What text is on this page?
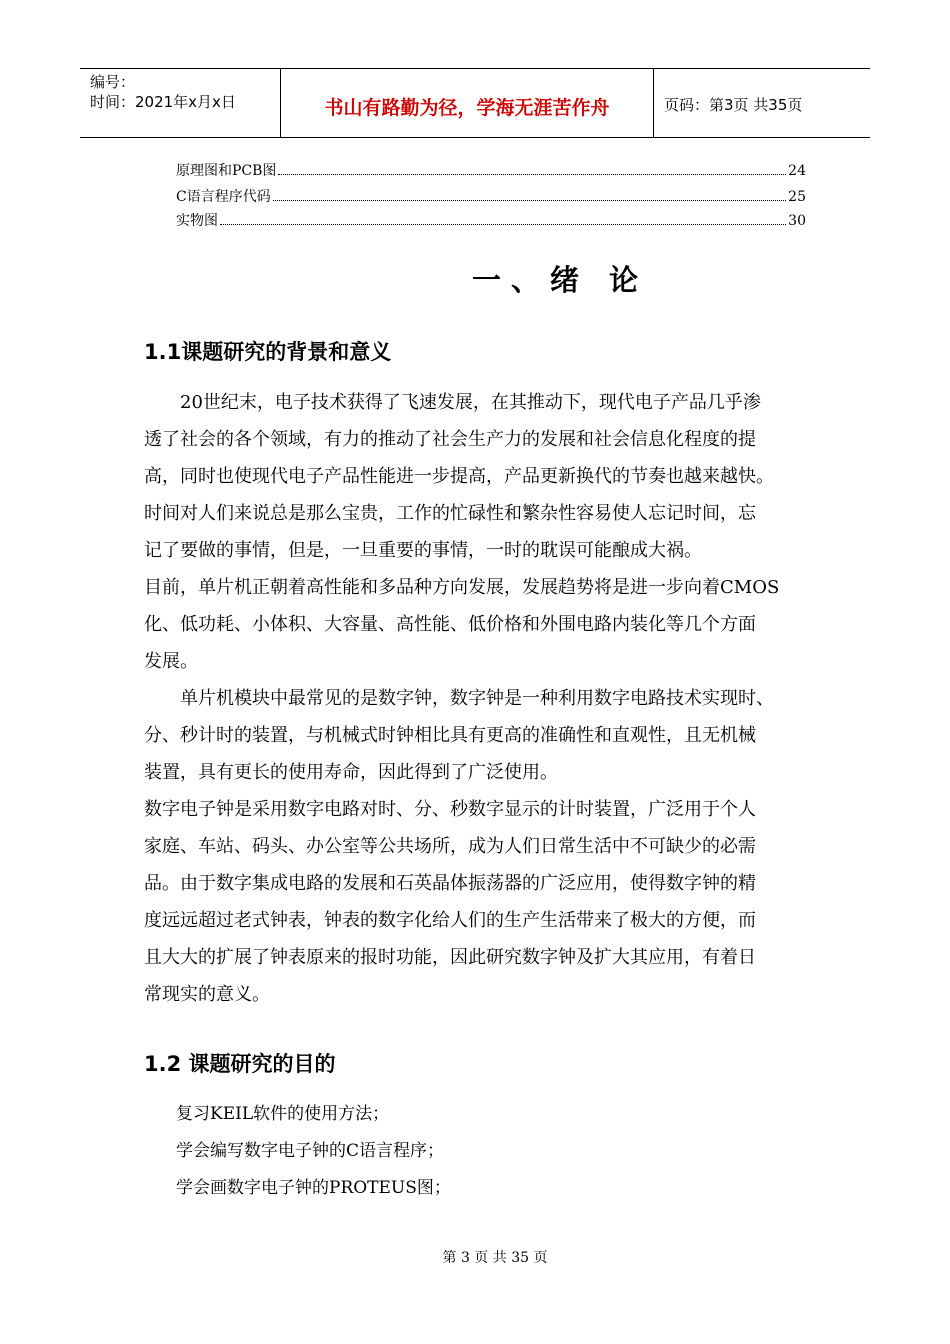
编号：
时间：2021年x月x日	书山有路勤为径，学海无涯苦作舟	页码：第3页 共35页
原理图和PCB图	24
C语言程序代码	25
实物图	30
一、绪 论
1.1课题研究的背景和意义
20世纪末，电子技术获得了飞速发展，在其推动下，现代电子产品几乎渗
透了社会的各个领域，有力的推动了社会生产力的发展和社会信息化程度的提
高，同时也使现代电子产品性能进一步提高，产品更新换代的节奏也越来越快。
时间对人们来说总是那么宝贵，工作的忙碌性和繁杂性容易使人忘记时间，忘
记了要做的事情，但是，一旦重要的事情，一时的耽误可能酿成大祸。
目前，单片机正朝着高性能和多品种方向发展，发展趋势将是进一步向着CMOS
化、低功耗、小体积、大容量、高性能、低价格和外围电路内装化等几个方面
发展。
单片机模块中最常见的是数字钟，数字钟是一种利用数字电路技术实现时、
分、秒计时的装置，与机械式时钟相比具有更高的准确性和直观性，且无机械
装置，具有更长的使用寿命，因此得到了广泛使用。
数字电子钟是采用数字电路对时、分、秒数字显示的计时装置，广泛用于个人
家庭、车站、码头、办公室等公共场所，成为人们日常生活中不可缺少的必需
品。由于数字集成电路的发展和石英晶体振荡器的广泛应用，使得数字钟的精
度远远超过老式钟表，钟表的数字化给人们的生产生活带来了极大的方便，而
且大大的扩展了钟表原来的报时功能，因此研究数字钟及扩大其应用，有着日
常现实的意义。
1.2 课题研究的目的
复习KEIL软件的使用方法；
学会编写数字电子钟的C语言程序；
学会画数字电子钟的PROTEUS图；
第 3 页 共 35 页
